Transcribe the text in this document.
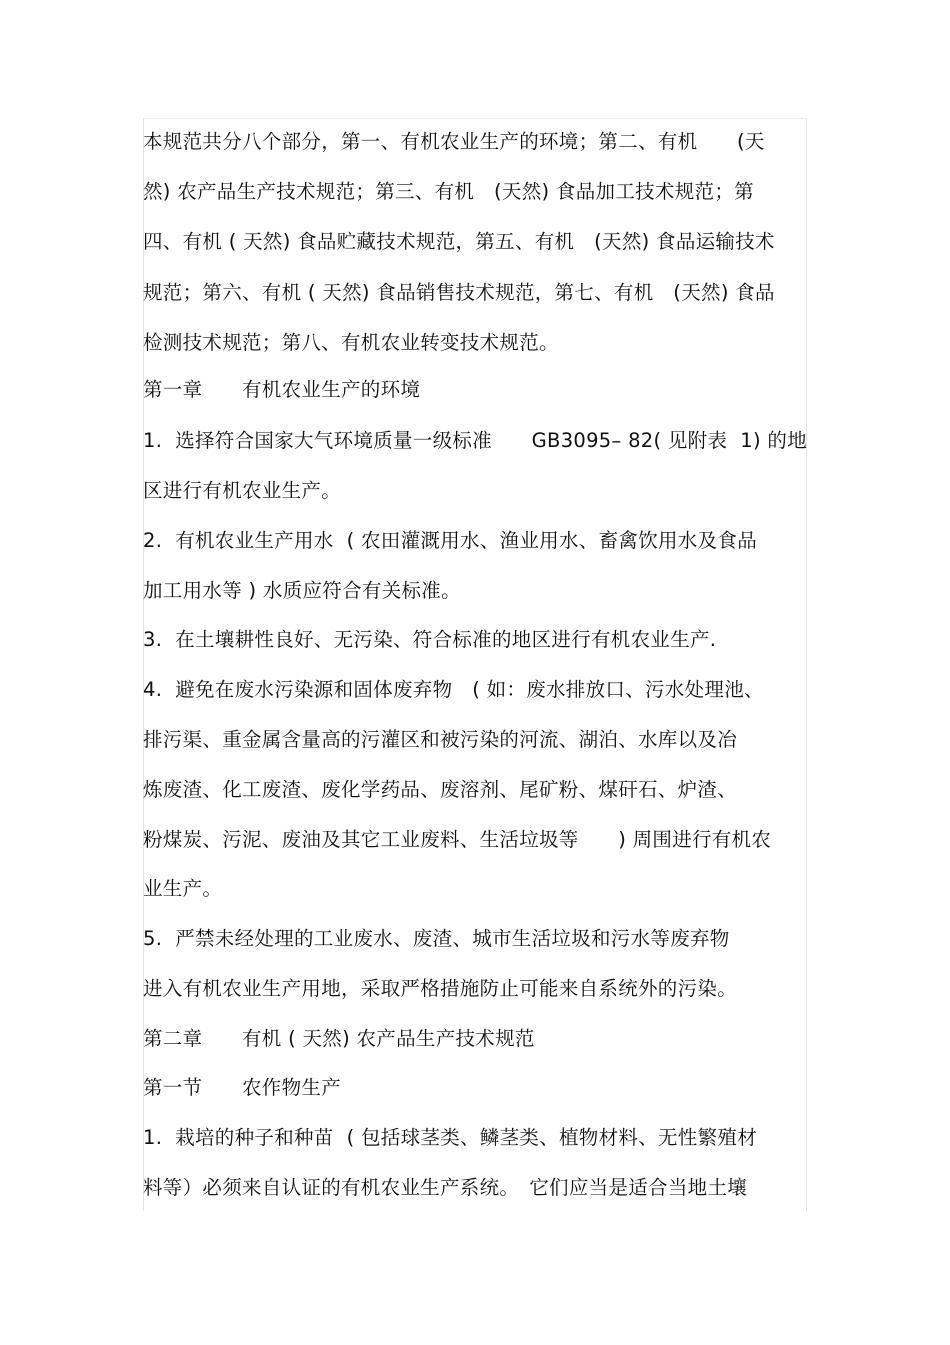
本规范共分八个部分，第一、有机农业生产的环境；第二、有机　　(天
然) 农产品生产技术规范；第三、有机　(天然) 食品加工技术规范；第
四、有机 ( 天然) 食品贮藏技术规范，第五、有机　(天然) 食品运输技术
规范；第六、有机 ( 天然) 食品销售技术规范，第七、有机　(天然) 食品
检测技术规范；第八、有机农业转变技术规范。
第一章　　有机农业生产的环境
1.  选择符合国家大气环境质量一级标准　　GB3095– 82( 见附表  1) 的地
区进行有机农业生产。
2.  有机农业生产用水  ( 农田灌溉用水、渔业用水、畜禽饮用水及食品
加工用水等 ) 水质应符合有关标准。
3.  在土壤耕性良好、无污染、符合标准的地区进行有机农业生产.
4.  避免在废水污染源和固体废弃物　( 如：废水排放口、污水处理池、
排污渠、重金属含量高的污灌区和被污染的河流、湖泊、水库以及冶
炼废渣、化工废渣、废化学药品、废溶剂、尾矿粉、煤矸石、炉渣、
粉煤炭、污泥、废油及其它工业废料、生活垃圾等　　) 周围进行有机农
业生产。
5.  严禁未经处理的工业废水、废渣、城市生活垃圾和污水等废弃物
进入有机农业生产用地，采取严格措施防止可能来自系统外的污染。
第二章　　有机 ( 天然) 农产品生产技术规范
第一节　　农作物生产
1.  栽培的种子和种苗  ( 包括球茎类、鳞茎类、植物材料、无性繁殖材
料等）必须来自认证的有机农业生产系统。　它们应当是适合当地土壤
